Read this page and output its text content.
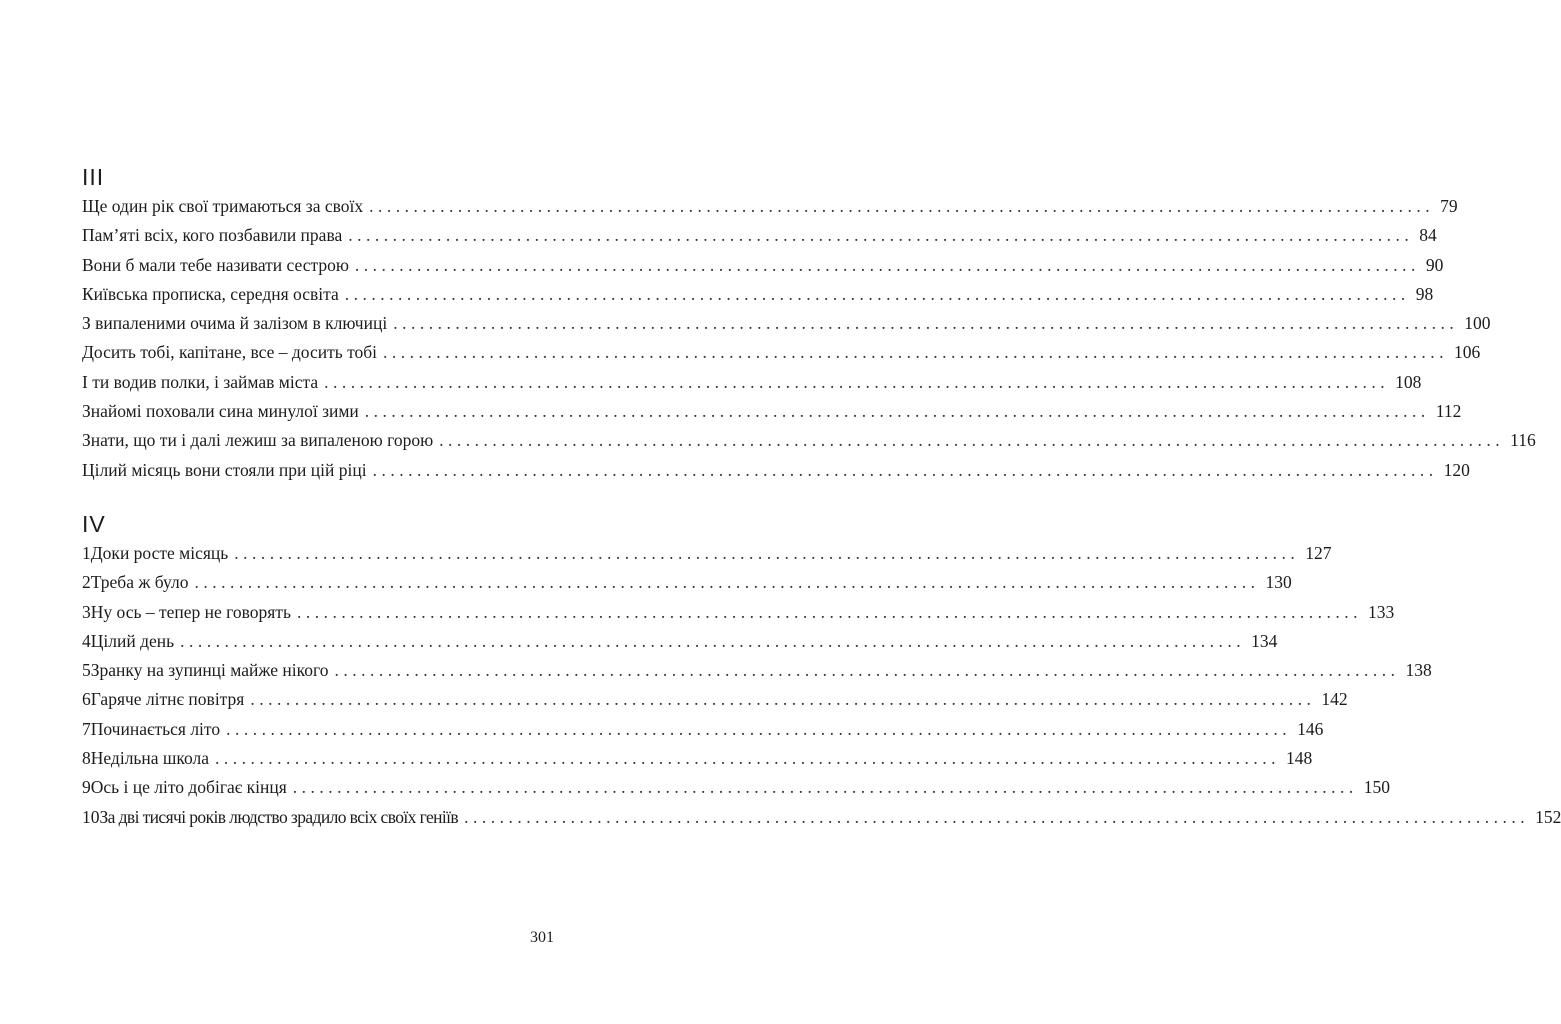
III
Ще один рік свої тримаються за своїх ........................................................................................................................ 79
Пам’яті всіх, кого позбавили права ........................................................................................................................ 84
Вони б мали тебе називати сестрою ........................................................................................................................ 90
Київська прописка, середня освіта ........................................................................................................................ 98
З випаленими очима й залізом в ключиці ........................................................................................................................ 100
Досить тобі, капітане, все – досить тобі ........................................................................................................................ 106
І ти водив полки, і займав міста ........................................................................................................................ 108
Знайомі поховали сина минулої зими ........................................................................................................................ 112
Знати, що ти і далі лежиш за випаленою горою ........................................................................................................................ 116
Цілий місяць вони стояли при цій ріці ........................................................................................................................ 120
IV
1 Доки росте місяць ........................................................................................................................ 127
2 Треба ж було ........................................................................................................................ 130
3 Ну ось – тепер не говорять ........................................................................................................................ 133
4 Цілий день ........................................................................................................................ 134
5 Зранку на зупинці майже нікого ........................................................................................................................ 138
6 Гаряче літнє повітря ........................................................................................................................ 142
7 Починається літо ........................................................................................................................ 146
8 Недільна школа ........................................................................................................................ 148
9 Ось і це літо добігає кінця ........................................................................................................................ 150
10 За дві тисячі років людство зрадило всіх своїх геніїв ........................................................................................................................ 152
301
